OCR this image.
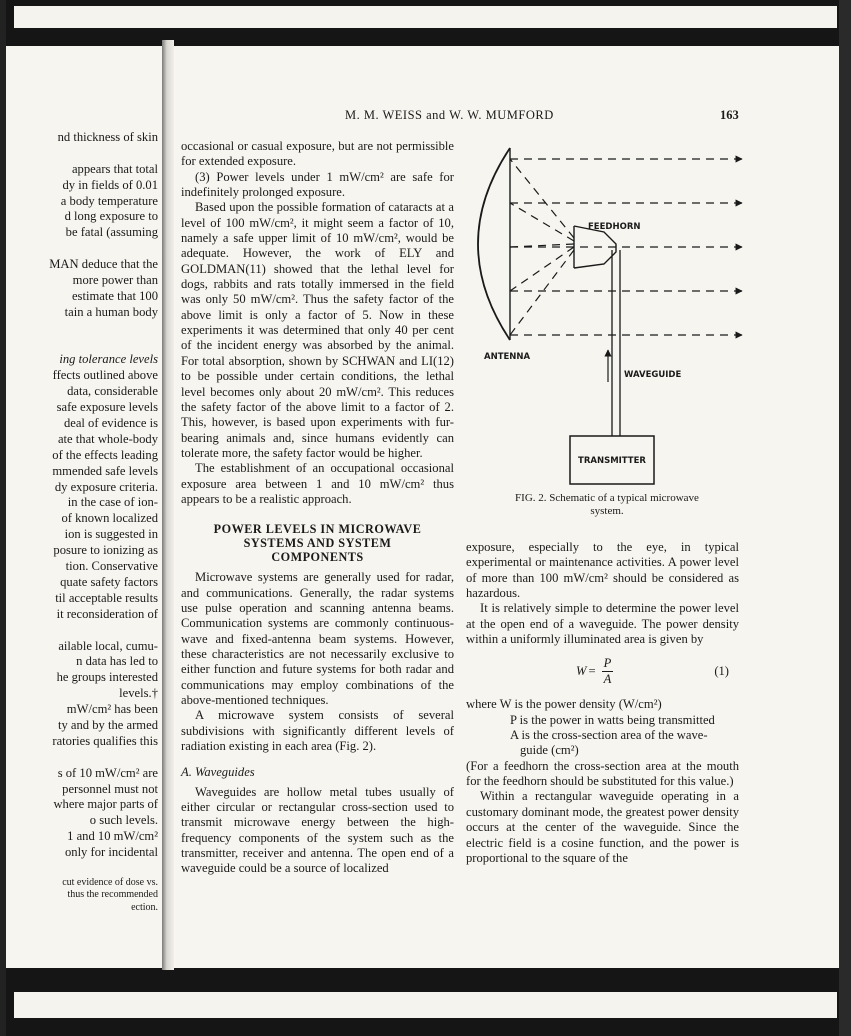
nd thickness of skin
appears that total
dy in fields of 0.01
a body temperature
d long exposure to
be fatal (assuming
MAN deduce that the
more power than
estimate that 100
tain a human body
ing tolerance levels
ffects outlined above
data, considerable
safe exposure levels
deal of evidence is
ate that whole-body
of the effects leading
mmended safe levels
dy exposure criteria.
in the case of ion-
of known localized
ion is suggested in
posure to ionizing as
tion. Conservative
quate safety factors
til acceptable results
it reconsideration of
ailable local, cumu-
n data has led to
he groups interested
levels.†
mW/cm² has been
ty and by the armed
ratories qualifies this
s of 10 mW/cm² are
personnel must not
where major parts of
o such levels.
1 and 10 mW/cm²
only for incidental
cut evidence of dose vs.
thus the recommended
ection.
M. M. WEISS and W. W. MUMFORD	163

occasional or casual exposure, but are not permissible for extended exposure.

(3) Power levels under 1 mW/cm² are safe for indefinitely prolonged exposure.

Based upon the possible formation of cataracts at a level of 100 mW/cm², it might seem a factor of 10, namely a safe upper limit of 10 mW/cm², would be adequate. However, the work of ELY and GOLDMAN(11) showed that the lethal level for dogs, rabbits and rats totally immersed in the field was only 50 mW/cm². Thus the safety factor of the above limit is only a factor of 5. Now in these experiments it was determined that only 40 per cent of the incident energy was absorbed by the animal. For total absorption, shown by SCHWAN and LI(12) to be possible under certain conditions, the lethal level becomes only about 20 mW/cm². This reduces the safety factor of the above limit to a factor of 2. This, however, is based upon experiments with fur-bearing animals and, since humans evidently can tolerate more, the safety factor would be higher.

The establishment of an occupational occasional exposure area between 1 and 10 mW/cm² thus appears to be a realistic approach.

POWER LEVELS IN MICROWAVE
SYSTEMS AND SYSTEM
COMPONENTS

Microwave systems are generally used for radar, and communications. Generally, the radar systems use pulse operation and scanning antenna beams. Communication systems are commonly continuous-wave and fixed-antenna beam systems. However, these characteristics are not necessarily exclusive to either function and future systems for both radar and communications may employ combinations of the above-mentioned techniques.

A microwave system consists of several subdivisions with significantly different levels of radiation existing in each area (Fig. 2).

A. Waveguides

Waveguides are hollow metal tubes usually of either circular or rectangular cross-section used to transmit microwave energy between the high-frequency components of the system such as the transmitter, receiver and antenna. The open end of a waveguide could be a source of localized

FEEDHORN
ANTENNA
WAVEGUIDE
TRANSMITTER
FIG. 2. Schematic of a typical microwave
system.

exposure, especially to the eye, in typical experimental or maintenance activities. A power level of more than 100 mW/cm² should be considered as hazardous.

It is relatively simple to determine the power level at the open end of a waveguide. The power density within a uniformly illuminated area is given by

$W = \frac{P}{A}$	(1)

where W is the power density (W/cm²)

P is the power in watts being transmitted

A is the cross-section area of the wave-

guide (cm²)

(For a feedhorn the cross-section area at the mouth for the feedhorn should be substituted for this value.)

Within a rectangular waveguide operating in a customary dominant mode, the greatest power density occurs at the center of the waveguide. Since the electric field is a cosine function, and the power is proportional to the square of the
